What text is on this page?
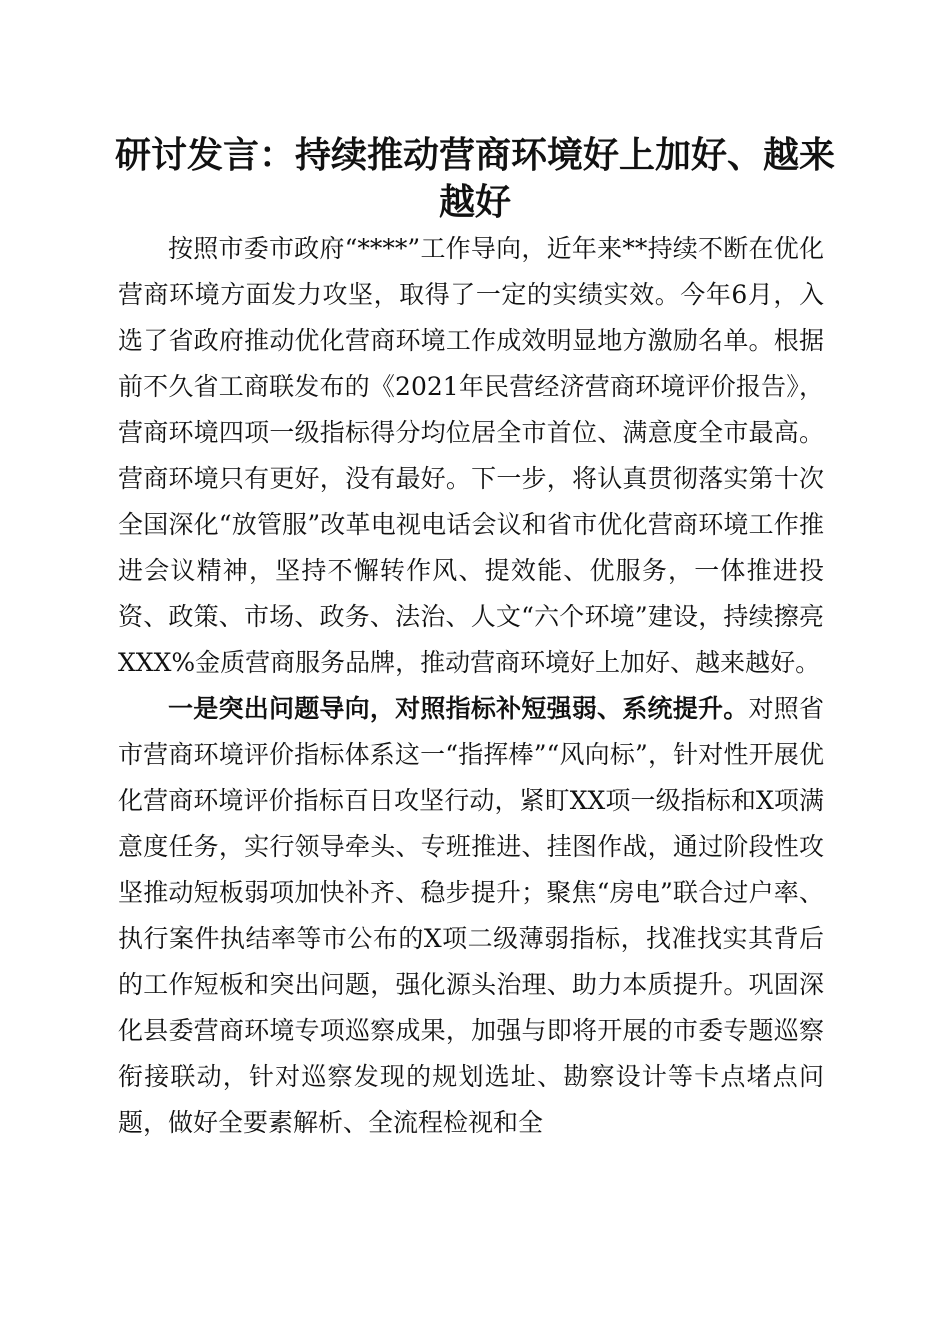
研讨发言：持续推动营商环境好上加好、越来越好

按照市委市政府“****”工作导向，近年来**持续不断在优化营商环境方面发力攻坚，取得了一定的实绩实效。今年6月，入选了省政府推动优化营商环境工作成效明显地方激励名单。根据前不久省工商联发布的《2021年民营经济营商环境评价报告》，营商环境四项一级指标得分均位居全市首位、满意度全市最高。营商环境只有更好，没有最好。下一步，将认真贯彻落实第十次全国深化“放管服”改革电视电话会议和省市优化营商环境工作推进会议精神，坚持不懈转作风、提效能、优服务，一体推进投资、政策、市场、政务、法治、人文“六个环境”建设，持续擦亮XXX%金质营商服务品牌，推动营商环境好上加好、越来越好。

一是突出问题导向，对照指标补短强弱、系统提升。对照省市营商环境评价指标体系这一“指挥棒”“风向标”，针对性开展优化营商环境评价指标百日攻坚行动，紧盯XX项一级指标和X项满意度任务，实行领导牵头、专班推进、挂图作战，通过阶段性攻坚推动短板弱项加快补齐、稳步提升；聚焦“房电”联合过户率、执行案件执结率等市公布的X项二级薄弱指标，找准找实其背后的工作短板和突出问题，强化源头治理、助力本质提升。巩固深化县委营商环境专项巡察成果，加强与即将开展的市委专题巡察衔接联动，针对巡察发现的规划选址、勘察设计等卡点堵点问题，做好全要素解析、全流程检视和全
